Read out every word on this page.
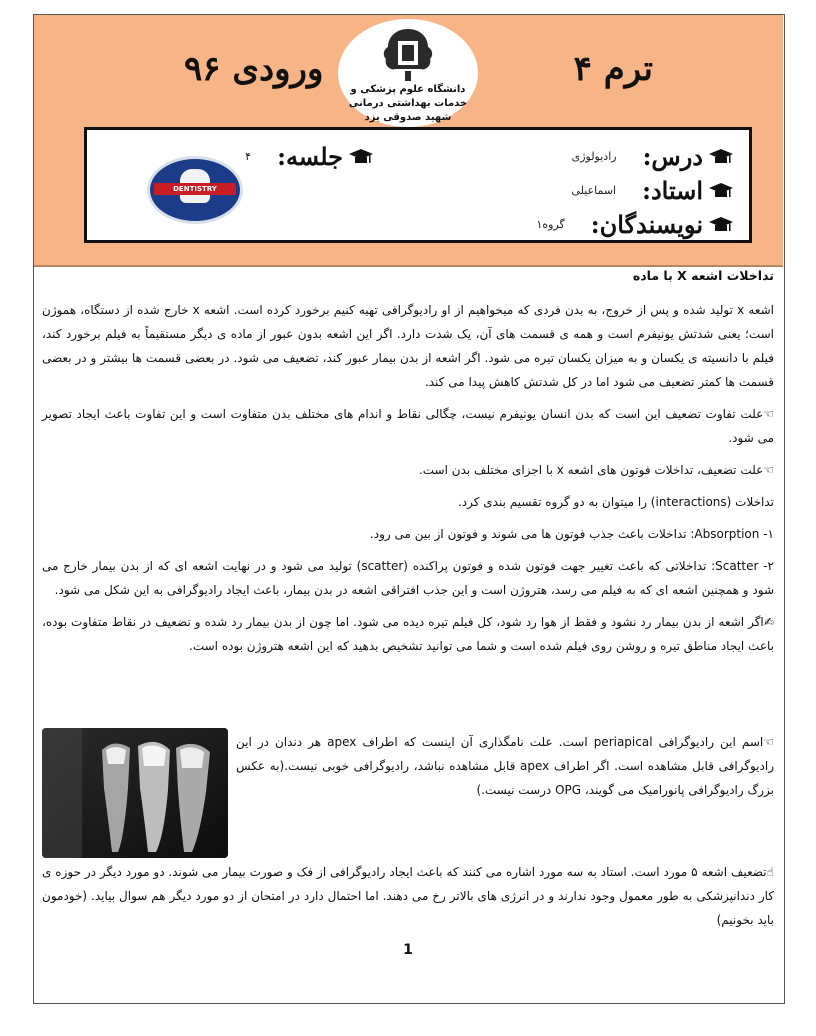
ورودی ۹۶
دانشگاه علوم پزشکی و خدمات بهداشتی درمانی شهید صدوقی یزد
ترم ۴
درس:
رادیولوژی
استاد:
اسماعیلی
نویسندگان:
گروه۱
جلسه:
۴
DENTISTRY

تداخلات اشعه X با ماده

اشعه x تولید شده و پس از خروج، به بدن فردی که میخواهیم از او رادیوگرافی تهیه کنیم برخورد کرده است. اشعه x خارج شده از دستگاه، هموژن است؛ یعنی شدتش یونیفرم است و همه ی قسمت های آن، یک شدت دارد. اگر این اشعه بدون عبور از ماده ی دیگر مستقیماً به فیلم برخورد کند، فیلم با دانسیته ی یکسان و به میزان یکسان تیره می شود. اگر اشعه از بدن بیمار عبور کند، تضعیف می شود. در بعضی قسمت ها بیشتر و در بعضی قسمت ها کمتر تضعیف می شود اما در کل شدتش کاهش پیدا می کند.

☜علت تفاوت تضعیف این است که بدن انسان یونیفرم نیست، چگالی نقاط و اندام های مختلف بدن متفاوت است و این تفاوت باعث ایجاد تصویر می شود.

☜علت تضعیف، تداخلات فوتون های اشعه x با اجزای مختلف بدن است.

تداخلات (interactions) را میتوان به دو گروه تقسیم بندی کرد.

۱- Absorption: تداخلات باعث جذب فوتون ها می شوند و فوتون از بین می رود.

۲- Scatter: تداخلاتی که باعث تغییر جهت فوتون شده و فوتون پراکنده (scatter) تولید می شود و در نهایت اشعه ای که از بدن بیمار خارج می شود و همچنین اشعه ای که به فیلم می رسد، هتروژن است و این جذب افتراقی اشعه در بدن بیمار، باعث ایجاد رادیوگرافی به این شکل می شود.

✍اگر اشعه از بدن بیمار رد نشود و فقط از هوا رد شود، کل فیلم تیره دیده می شود. اما چون از بدن بیمار رد شده و تضعیف در نقاط متفاوت بوده، باعث ایجاد مناطق تیره و روشن روی فیلم شده است و شما می توانید تشخیص بدهید که این اشعه هتروژن بوده است.

☜اسم این رادیوگرافی periapical است. علت نامگذاری آن اینست که اطراف apex هر دندان در این رادیوگرافی قابل مشاهده است. اگر اطراف apex قابل مشاهده نباشد، رادیوگرافی خوبی نیست.(به عکس بزرگ رادیوگرافی پانورامیک می گویند، OPG درست نیست.)
☝تضعیف اشعه ۵ مورد است. استاد به سه مورد اشاره می کنند که باعث ایجاد رادیوگرافی از فک و صورت بیمار می شوند. دو مورد دیگر در حوزه ی کار دندانپزشکی به طور معمول وجود ندارند و در انرژی های بالاتر رخ می دهند. اما احتمال دارد در امتحان از دو مورد دیگر هم سوال بیاید. (خودمون باید بخونیم)
1
